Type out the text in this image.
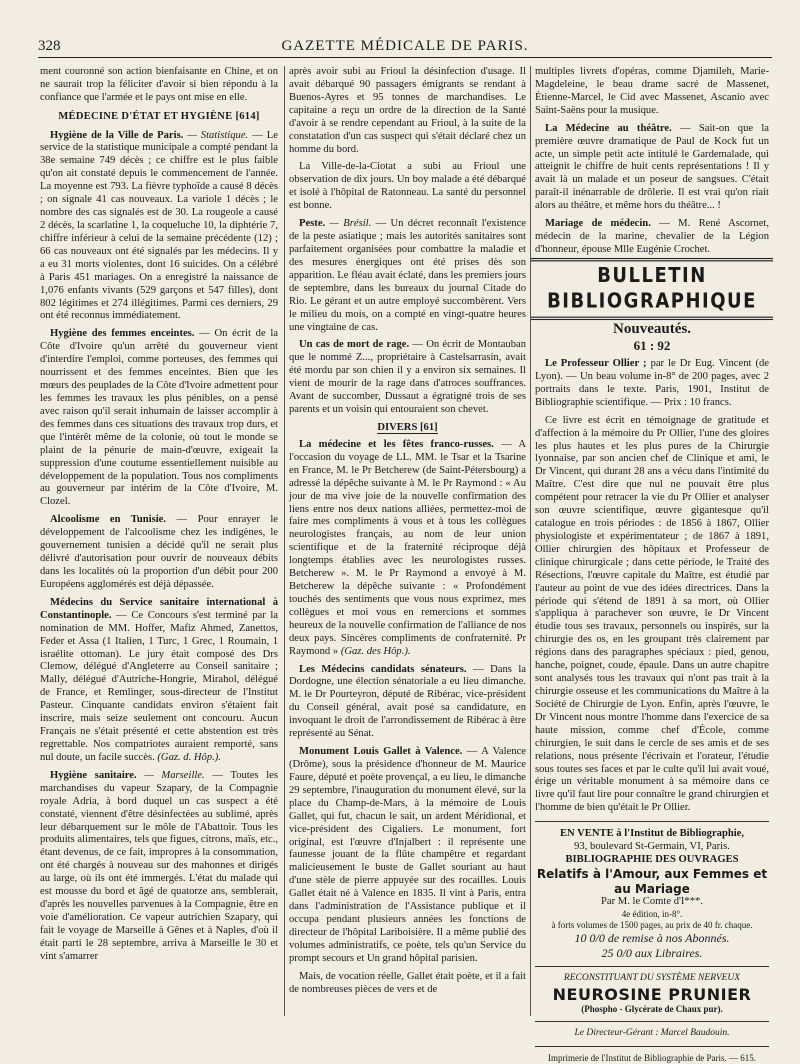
328	GAZETTE MÉDICALE DE PARIS.

ment couronné son action bienfaisante en Chine, et on ne saurait trop la féliciter d'avoir si bien répondu à la confiance que l'armée et le pays ont mise en elle.

MÉDECINE D'ÉTAT ET HYGIÈNE [614]

Hygiène de la Ville de Paris. — Statistique. — Le service de la statistique municipale a compté pendant la 38e semaine 749 décès ; ce chiffre est le plus faible qu'on ait constaté depuis le commencement de l'année. La moyenne est 793. La fièvre typhoïde a causé 8 décès ; on signale 41 cas nouveaux. La variole 1 décès ; le nombre des cas signalés est de 30. La rougeole a causé 2 décès, la scarlatine 1, la coqueluche 10, la diphtérie 7, chiffre inférieur à celui de la semaine précédente (12) ; 66 cas nouveaux ont été signalés par les médecins. Il y a eu 31 morts violentes, dont 16 suicides. On a célébré à Paris 451 mariages. On a enregistré la naissance de 1,076 enfants vivants (529 garçons et 547 filles), dont 802 légitimes et 274 illégitimes. Parmi ces derniers, 29 ont été reconnus immédiatement.

Hygiène des femmes enceintes. — On écrit de la Côte d'Ivoire qu'un arrêté du gouverneur vient d'interdire l'emploi, comme porteuses, des femmes qui nourrissent et des femmes enceintes. Bien que les mœurs des peuplades de la Côte d'Ivoire admettent pour les femmes les travaux les plus pénibles, on a pensé avec raison qu'il serait inhumain de laisser accomplir à des femmes dans ces situations des travaux trop durs, et que l'intérêt même de la colonie, où tout le monde se plaint de la pénurie de main-d'œuvre, exigeait la suppression d'une coutume essentiellement nuisible au développement de la population. Tous nos compliments au gouverneur par intérim de la Côte d'Ivoire, M. Clozel.

Alcoolisme en Tunisie. — Pour enrayer le développement de l'alcoolisme chez les indigènes, le gouvernement tunisien a décidé qu'il ne serait plus délivré d'autorisation pour ouvrir de nouveaux débits dans les localités où la proportion d'un débit pour 200 Européens agglomérés est déjà dépassée.

Médecins du Service sanitaire international à Constantinople. — Ce Concours s'est terminé par la nomination de MM. Hoffer, Mafiz Ahmed, Zanettos, Feder et Assa (1 Italien, 1 Turc, 1 Grec, 1 Roumain, 1 israélite ottoman). Le jury était composé des Drs Clemow, délégué d'Angleterre au Conseil sanitaire ; Mally, délégué d'Autriche-Hongrie, Mirahol, délégué de France, et Remlinger, sous-directeur de l'Institut Pasteur. Cinquante candidats environ s'étaient fait inscrire, mais seize seulement ont concouru. Aucun Français ne s'était présenté et cette abstention est très regrettable. Nos compatriotes auraient remporté, sans nul doute, un facile succès. (Gaz. d. Hôp.).

Hygiène sanitaire. — Marseille. — Toutes les marchandises du vapeur Szapary, de la Compagnie royale Adria, à bord duquel un cas suspect a été constaté, viennent d'être désinfectées au sublimé, après leur débarquement sur le môle de l'Abattoir. Tous les produits alimentaires, tels que figues, citrons, maïs, etc., étant devenus, de ce fait, impropres à la consommation, ont été chargés à nouveau sur des mahonnes et dirigés au large, où ils ont été immergés. L'état du malade qui est mousse du bord et âgé de quatorze ans, semblerait, d'après les nouvelles parvenues à la Compagnie, être en voie d'amélioration. Ce vapeur autrichien Szapary, qui fait le voyage de Marseille à Gênes et à Naples, d'où il était parti le 28 septembre, arriva à Marseille le 30 et vint s'amarrer

après avoir subi au Frioul la désinfection d'usage. Il avait débarqué 90 passagers émigrants se rendant à Buenos-Ayres et 95 tonnes de marchandises. Le capitaine a reçu un ordre de la direction de la Santé d'avoir à se rendre cependant au Frioul, à la suite de la constatation d'un cas suspect qui s'était déclaré chez un homme du bord.

La Ville-de-la-Ciotat a subi au Frioul une observation de dix jours. Un boy malade a été débarqué et isolé à l'hôpital de Ratonneau. La santé du personnel est bonne.

Peste. — Brésil. — Un décret reconnaît l'existence de la peste asiatique ; mais les autorités sanitaires sont parfaitement organisées pour combattre la maladie et des mesures énergiques ont été prises dès son apparition. Le fléau avait éclaté, dans les premiers jours de septembre, dans les bureaux du journal Citade do Rio. Le gérant et un autre employé succombèrent. Vers le milieu du mois, on a compté en vingt-quatre heures une vingtaine de cas.

Un cas de mort de rage. — On écrit de Montauban que le nommé Z..., propriétaire à Castelsarrasin, avait été mordu par son chien il y a environ six semaines. Il vient de mourir de la rage dans d'atroces souffrances. Avant de succomber, Dussaut a égratigné trois de ses parents et un voisin qui entouraient son chevet.

DIVERS [61]

La médecine et les fêtes franco-russes. — A l'occasion du voyage de LL. MM. le Tsar et la Tsarine en France, M. le Pr Betcherew (de Saint-Pétersbourg) a adressé la dépêche suivante à M. le Pr Raymond : « Au jour de ma vive joie de la nouvelle confirmation des liens entre nos deux nations alliées, permettez-moi de faire mes compliments à vous et à tous les collègues neurologistes français, au nom de leur union scientifique et de la fraternité réciproque déjà longtemps établies avec les neurologistes russes. Betcherew ». M. le Pr Raymond a envoyé à M. Betcherew la dépêche suivante : « Profondément touchés des sentiments que vous nous exprimez, mes collègues et moi vous en remercions et sommes heureux de la nouvelle confirmation de l'alliance de nos deux pays. Sincères compliments de confraternité. Pr Raymond » (Gaz. des Hôp.).

Les Médecins candidats sénateurs. — Dans la Dordogne, une élection sénatoriale a eu lieu dimanche. M. le Dr Pourteyron, député de Ribérac, vice-président du Conseil général, avait posé sa candidature, en invoquant le droit de l'arrondissement de Ribérac à être représenté au Sénat.

Monument Louis Gallet à Valence. — A Valence (Drôme), sous la présidence d'honneur de M. Maurice Faure, député et poète provençal, a eu lieu, le dimanche 29 septembre, l'inauguration du monument élevé, sur la place du Champ-de-Mars, à la mémoire de Louis Gallet, qui fut, chacun le sait, un ardent Méridional, et vice-président des Cigaliers. Le monument, fort original, est l'œuvre d'Injalbert : il représente une faunesse jouant de la flûte champêtre et regardant malicieusement le buste de Gallet souriant au haut d'une stèle de pierre appuyée sur des rocailles. Louis Gallet était né à Valence en 1835. Il vint à Paris, entra dans l'administration de l'Assistance publique et il occupa pendant plusieurs années les fonctions de directeur de l'hôpital Lariboisière. Il a même publié des volumes administratifs, ce poète, tels qu'un Service du prompt secours et Un grand hôpital parisien.

Mais, de vocation réelle, Gallet était poète, et il a fait de nombreuses pièces de vers et de

multiples livrets d'opéras, comme Djamileh, Marie-Magdeleine, le beau drame sacré de Massenet, Étienne-Marcel, le Cid avec Massenet, Ascanio avec Saint-Saëns pour la musique.

La Médecine au théâtre. — Sait-on que la première œuvre dramatique de Paul de Kock fut un acte, un simple petit acte intitulé le Gardemalade, qui atteignit le chiffre de huit cents représentations ! Il y avait là un malade et un poseur de sangsues. C'était paraît-il inénarrable de drôlerie. Il est vrai qu'on riait alors au théâtre, et même hors du théâtre... !

Mariage de médecin. — M. René Ascornet, médecin de la marine, chevalier de la Légion d'honneur, épouse Mlle Eugénie Crochet.

BULLETIN BIBLIOGRAPHIQUE
Nouveautés.
61 : 92

Le Professeur Ollier ; par le Dr Eug. Vincent (de Lyon). — Un beau volume in-8° de 200 pages, avec 2 portraits dans le texte. Paris, 1901, Institut de Bibliographie scientifique. — Prix : 10 francs.

Ce livre est écrit en témoignage de gratitude et d'affection à la mémoire du Pr Ollier, l'une des gloires les plus hautes et les plus pures de la Chirurgie lyonnaise, par son ancien chef de Clinique et ami, le Dr Vincent, qui durant 28 ans a vécu dans l'intimité du Maître. C'est dire que nul ne pouvait être plus compétent pour retracer la vie du Pr Ollier et analyser son œuvre scientifique, œuvre gigantesque qu'il catalogue en trois périodes : de 1856 à 1867, Ollier physiologiste et expérimentateur ; de 1867 à 1891, Ollier chirurgien des hôpitaux et Professeur de clinique chirurgicale ; dans cette période, le Traité des Résections, l'œuvre capitale du Maître, est étudié par l'auteur au point de vue des idées directrices. Dans la période qui s'étend de 1891 à sa mort, où Ollier s'appliqua à parachever son œuvre, le Dr Vincent étudie tous ses travaux, personnels ou inspirés, sur la chirurgie des os, en les groupant très clairement par régions dans des paragraphes spéciaux : pied, genou, hanche, poignet, coude, épaule. Dans un autre chapitre sont analysés tous les travaux qui n'ont pas trait à la chirurgie osseuse et les communications du Maître à la Société de Chirurgie de Lyon. Enfin, après l'œuvre, le Dr Vincent nous montre l'homme dans l'exercice de sa haute mission, comme chef d'École, comme chirurgien, le suit dans le cercle de ses amis et de ses relations, nous présente l'écrivain et l'orateur, l'étudie sous toutes ses faces et par le culte qu'il lui avait voué, érige un véritable monument à sa mémoire dans ce livre qu'il faut lire pour connaître le grand chirurgien et l'homme de bien qu'était le Pr Ollier.

EN VENTE à l'Institut de Bibliographie,
93, boulevard St-Germain, VI, Paris.
BIBLIOGRAPHIE DES OUVRAGES
Relatifs à l'Amour, aux Femmes et au Mariage
Par M. le Comte d'I***.
4e édition, in-8°.
à forts volumes de 1500 pages, au prix de 40 fr. chaque.
10 0/0 de remise à nos Abonnés.
25 0/0 aux Libraires.
RECONSTITUANT DU SYSTÈME NERVEUX
NEUROSINE PRUNIER
(Phospho - Glycérate de Chaux pur).
Le Directeur-Gérant : Marcel Baudouin.
Imprimerie de l'Institut de Bibliographie de Paris. — 615.
